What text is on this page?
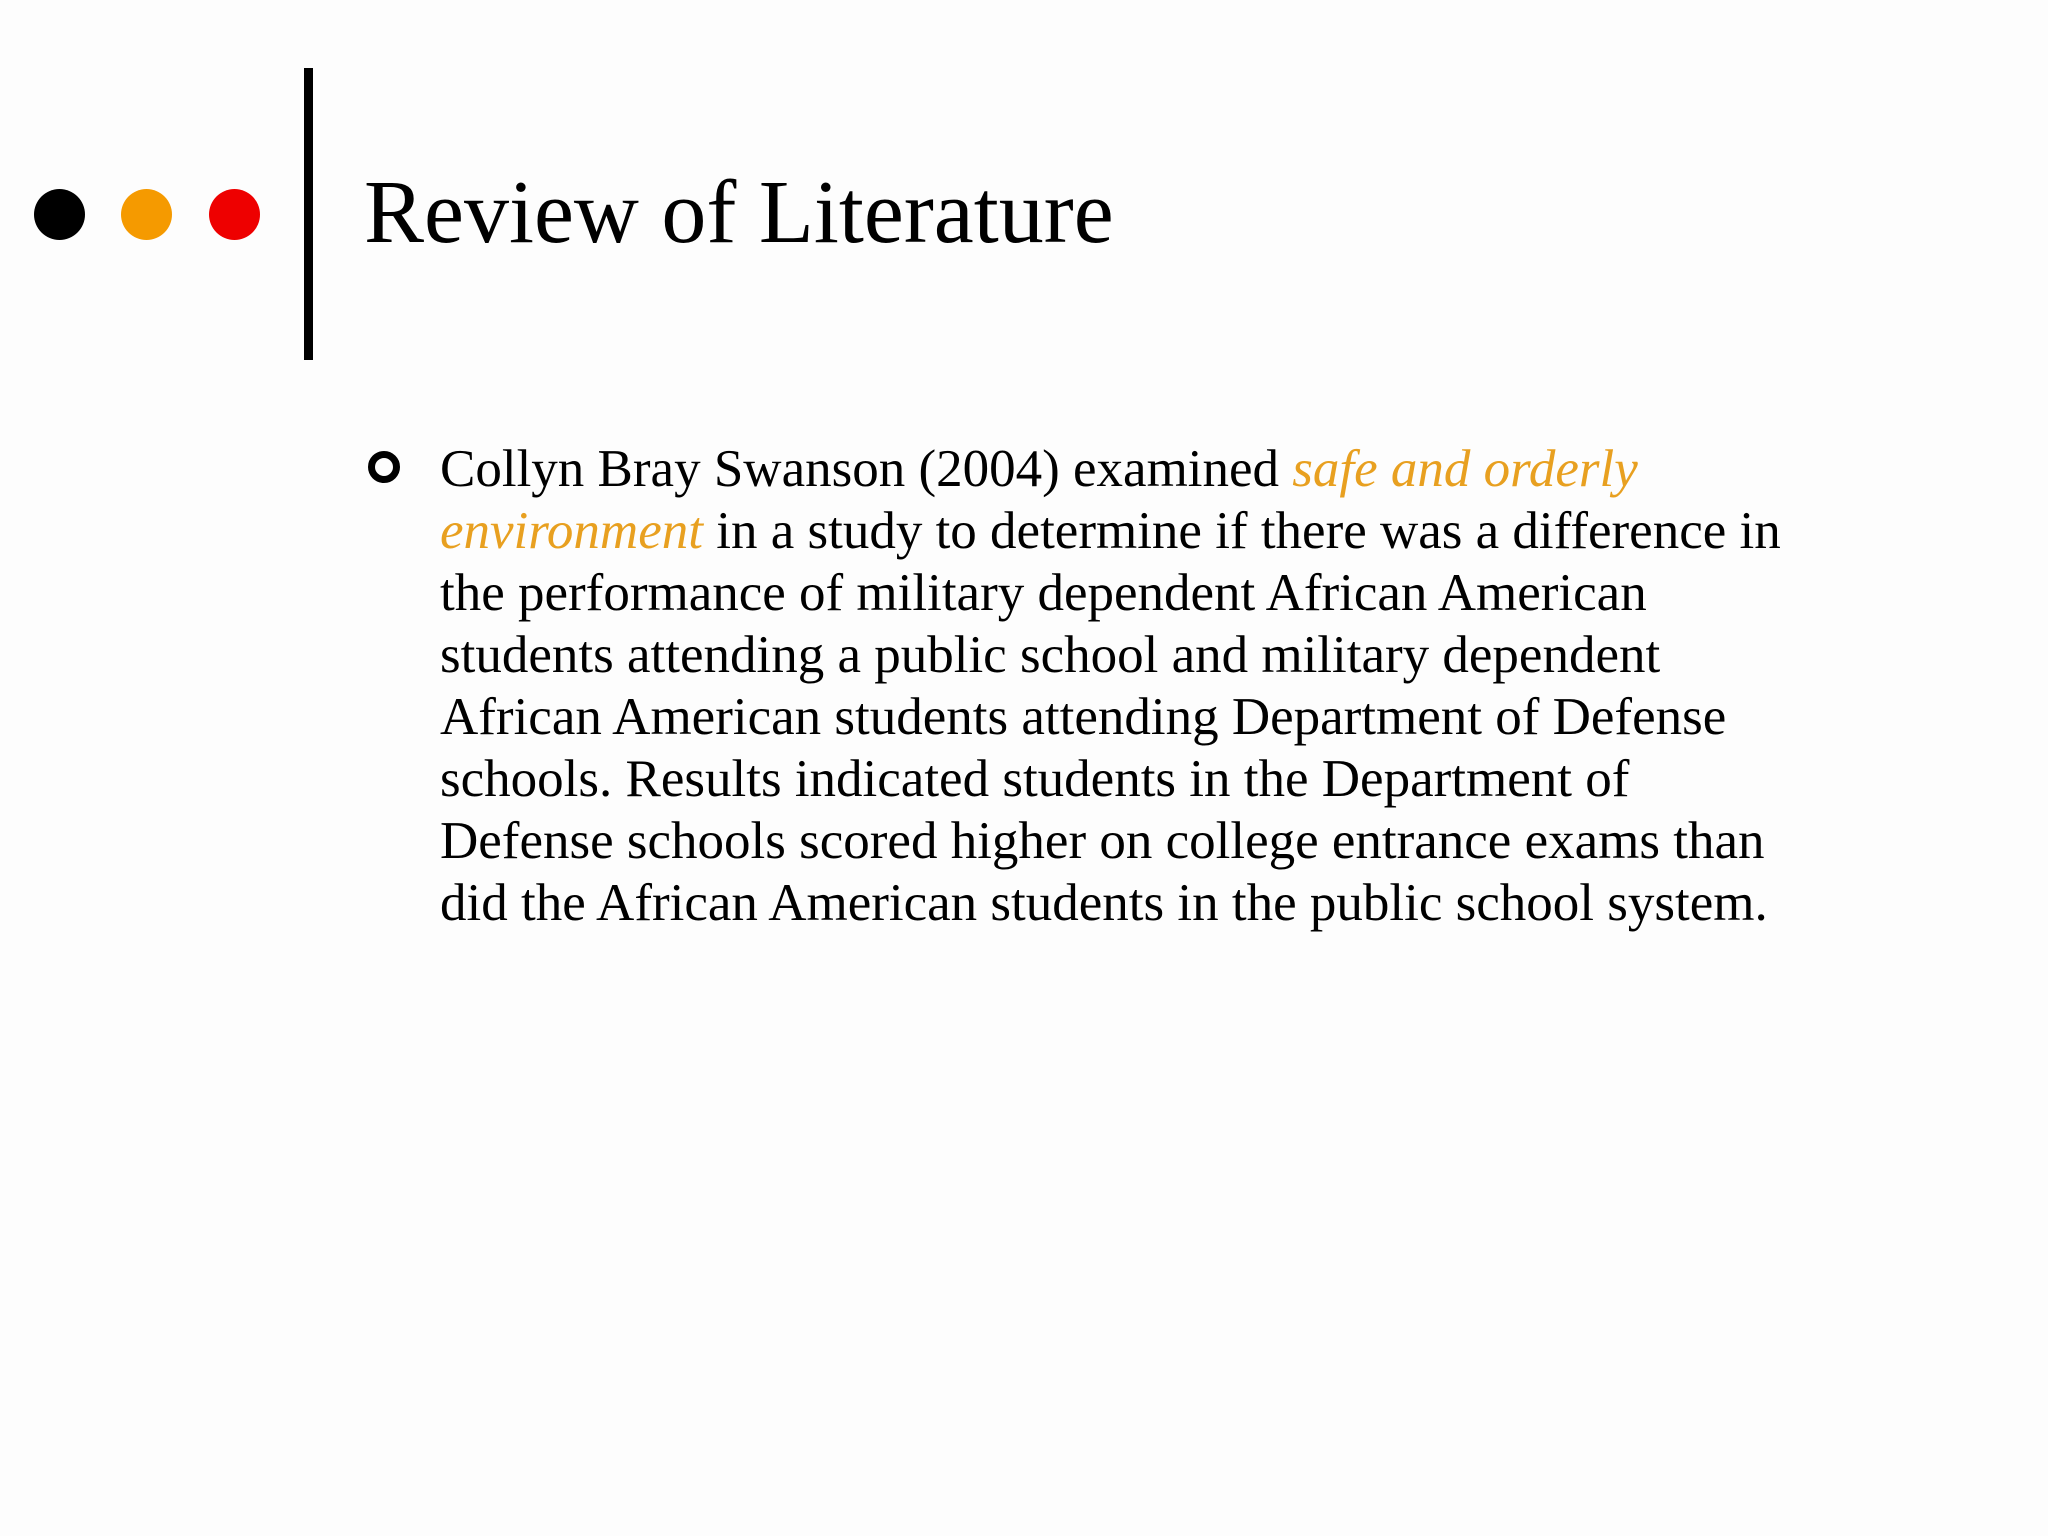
Review of Literature

Collyn Bray Swanson (2004) examined safe and orderly
environment in a study to determine if there was a difference in
the performance of military dependent African American
students attending a public school and military dependent
African American students attending Department of Defense
schools. Results indicated students in the Department of
Defense schools scored higher on college entrance exams than
did the African American students in the public school system.
